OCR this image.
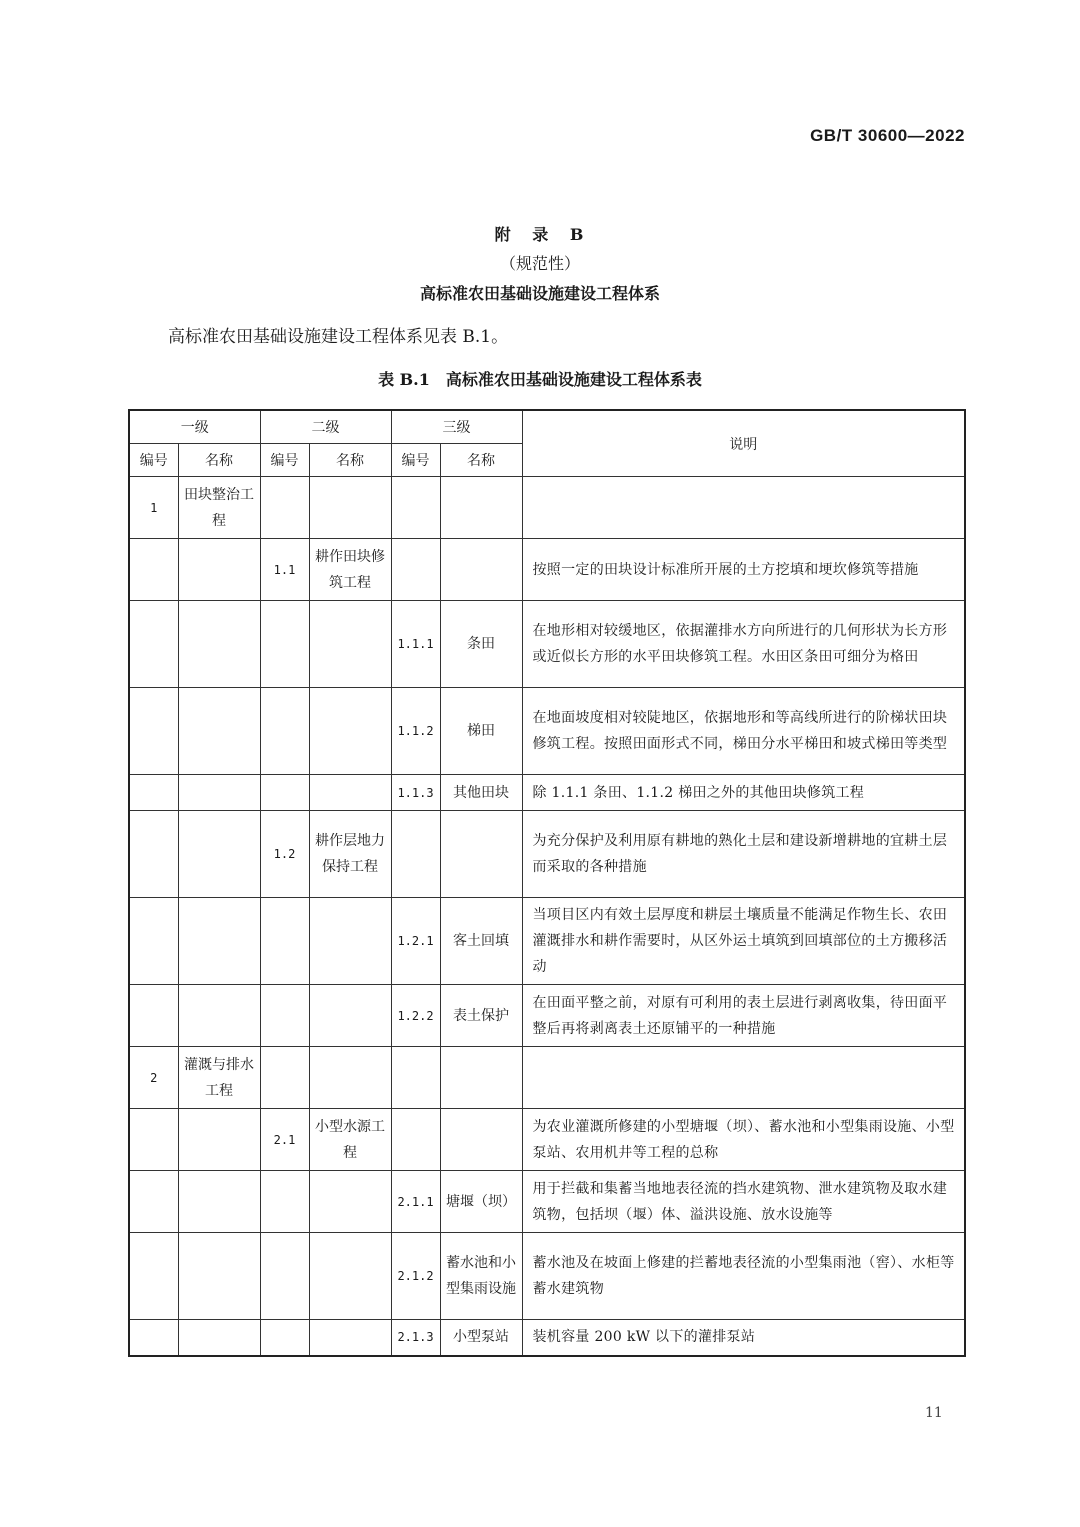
GB/T 30600—2022
附 录 B
（规范性）
高标准农田基础设施建设工程体系
高标准农田基础设施建设工程体系见表 B.1。
表 B.1 高标准农田基础设施建设工程体系表
一级		二级		三级		说明
编号	名称	编号	名称	编号	名称	
1	田块整治工程					
		1.1	耕作田块修筑工程			按照一定的田块设计标准所开展的土方挖填和埂坎修筑等措施
				1.1.1	条田	在地形相对较缓地区，依据灌排水方向所进行的几何形状为长方形或近似长方形的水平田块修筑工程。水田区条田可细分为格田
				1.1.2	梯田	在地面坡度相对较陡地区，依据地形和等高线所进行的阶梯状田块修筑工程。按照田面形式不同，梯田分水平梯田和坡式梯田等类型
				1.1.3	其他田块	除 1.1.1 条田、1.1.2 梯田之外的其他田块修筑工程
		1.2	耕作层地力保持工程			为充分保护及利用原有耕地的熟化土层和建设新增耕地的宜耕土层而采取的各种措施
				1.2.1	客土回填	当项目区内有效土层厚度和耕层土壤质量不能满足作物生长、农田灌溉排水和耕作需要时，从区外运土填筑到回填部位的土方搬移活动
				1.2.2	表土保护	在田面平整之前，对原有可利用的表土层进行剥离收集，待田面平整后再将剥离表土还原铺平的一种措施
2	灌溉与排水工程					
		2.1	小型水源工程			为农业灌溉所修建的小型塘堰（坝）、蓄水池和小型集雨设施、小型泵站、农用机井等工程的总称
				2.1.1	塘堰（坝）	用于拦截和集蓄当地地表径流的挡水建筑物、泄水建筑物及取水建筑物，包括坝（堰）体、溢洪设施、放水设施等
				2.1.2	蓄水池和小型集雨设施	蓄水池及在坡面上修建的拦蓄地表径流的小型集雨池（窖）、水柜等蓄水建筑物
				2.1.3	小型泵站	装机容量 200 kW 以下的灌排泵站
11
